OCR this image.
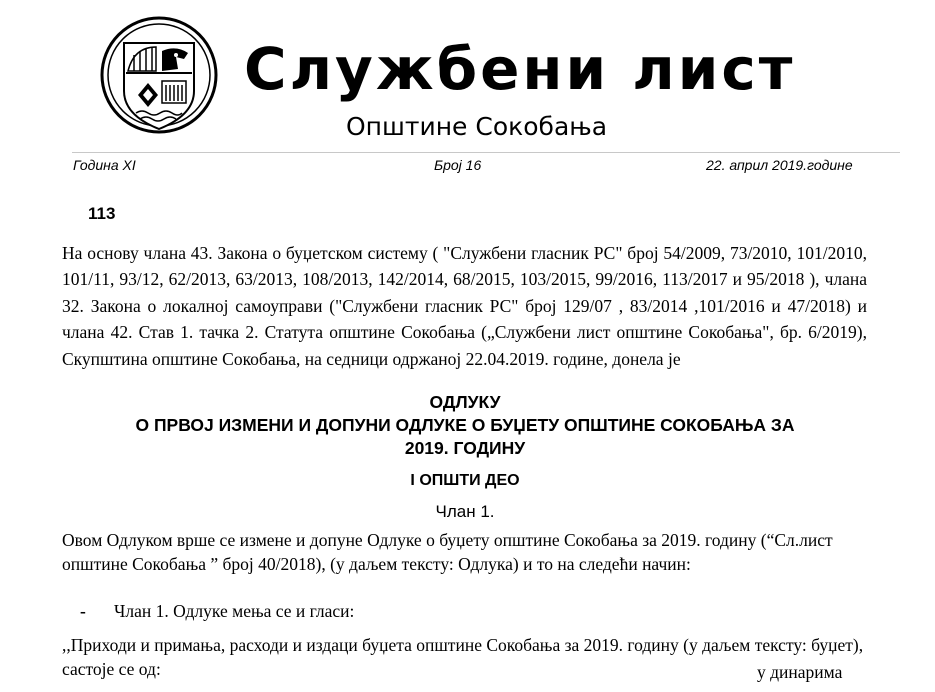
Службени лист
Општине Сокобања
Година XI	Број 16	22. април 2019.године
113
На основу члана 43. Закона о буџетском систему ( "Службени гласник РС" број 54/2009, 73/2010, 101/2010, 101/11, 93/12, 62/2013, 63/2013, 108/2013, 142/2014, 68/2015, 103/2015, 99/2016, 113/2017 и 95/2018 ), члана 32. Закона о локалној самоуправи ("Службени гласник РС" број 129/07 , 83/2014 ,101/2016 и 47/2018) и члана 42. Став 1. тачка 2. Статута општине Сокобања („Службени лист општине Сокобања", бр. 6/2019), Скупштина општине Сокобања, на седници одржаној 22.04.2019. године, донела је
ОДЛУКУ
О ПРВОЈ ИЗМЕНИ И ДОПУНИ ОДЛУКЕ О БУЏЕТУ ОПШТИНЕ СОКОБАЊА ЗА
2019. ГОДИНУ
I ОПШТИ ДЕО
Члан 1.
Овом Одлуком врше се измене и допуне Одлуке о буџету општине Сокобања за 2019. годину (“Сл.лист општине Сокобања ” број 40/2018), (у даљем тексту: Одлука) и то на следећи начин:
- Члан 1. Одлуке мења се и гласи:
,,Приходи и примања, расходи и издаци буџета општине Сокобања за 2019. годину (у даљем тексту: буџет), састоје се од:	у динарима
